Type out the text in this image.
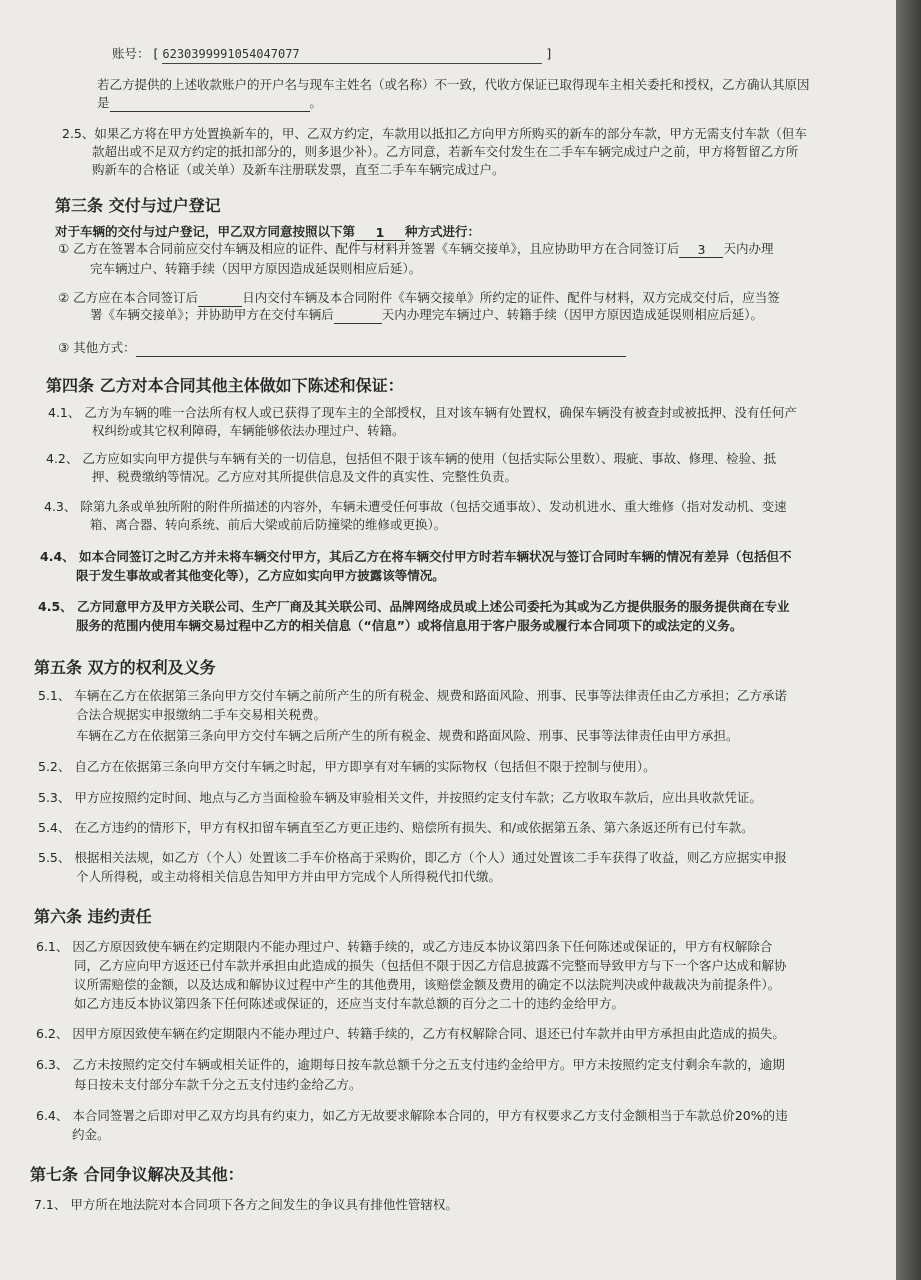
账号： [ 6230399991054047077	]
若乙方提供的上述收款账户的开户名与现车主姓名（或名称）不一致，代收方保证已取得现车主相关委托和授权，乙方确认其原因
是	。
2.5、如果乙方将在甲方处置换新车的，甲、乙双方约定，车款用以抵扣乙方向甲方所购买的新车的部分车款，甲方无需支付车款（但车
款超出或不足双方约定的抵扣部分的，则多退少补）。乙方同意，若新车交付发生在二手车车辆完成过户之前，甲方将暂留乙方所
购新车的合格证（或关单）及新车注册联发票，直至二手车车辆完成过户。
第三条 交付与过户登记
对于车辆的交付与过户登记，甲乙双方同意按照以下第 1 种方式进行：
① 乙方在签署本合同前应交付车辆及相应的证件、配件与材料并签署《车辆交接单》，且应协助甲方在合同签订后 3 天内办理
完车辆过户、转籍手续（因甲方原因造成延误则相应后延）。
② 乙方应在本合同签订后	日内交付车辆及本合同附件《车辆交接单》所约定的证件、配件与材料，双方完成交付后，应当签
署《车辆交接单》；并协助甲方在交付车辆后	天内办理完车辆过户、转籍手续（因甲方原因造成延误则相应后延）。
③ 其他方式：
第四条 乙方对本合同其他主体做如下陈述和保证：
4.1、 乙方为车辆的唯一合法所有权人或已获得了现车主的全部授权，且对该车辆有处置权，确保车辆没有被查封或被抵押、没有任何产
权纠纷或其它权利障碍，车辆能够依法办理过户、转籍。
4.2、 乙方应如实向甲方提供与车辆有关的一切信息，包括但不限于该车辆的使用（包括实际公里数）、瑕疵、事故、修理、检验、抵
押、税费缴纳等情况。乙方应对其所提供信息及文件的真实性、完整性负责。
4.3、 除第九条或单独所附的附件所描述的内容外，车辆未遭受任何事故（包括交通事故）、发动机进水、重大维修（指对发动机、变速
箱、离合器、转向系统、前后大梁或前后防撞梁的维修或更换）。
4.4、 如本合同签订之时乙方并未将车辆交付甲方，其后乙方在将车辆交付甲方时若车辆状况与签订合同时车辆的情况有差异（包括但不
限于发生事故或者其他变化等），乙方应如实向甲方披露该等情况。
4.5、 乙方同意甲方及甲方关联公司、生产厂商及其关联公司、品牌网络成员或上述公司委托为其或为乙方提供服务的服务提供商在专业
服务的范围内使用车辆交易过程中乙方的相关信息（“信息”）或将信息用于客户服务或履行本合同项下的或法定的义务。
第五条 双方的权利及义务
5.1、 车辆在乙方在依据第三条向甲方交付车辆之前所产生的所有税金、规费和路面风险、刑事、民事等法律责任由乙方承担；乙方承诺
合法合规据实申报缴纳二手车交易相关税费。
车辆在乙方在依据第三条向甲方交付车辆之后所产生的所有税金、规费和路面风险、刑事、民事等法律责任由甲方承担。
5.2、 自乙方在依据第三条向甲方交付车辆之时起，甲方即享有对车辆的实际物权（包括但不限于控制与使用）。
5.3、 甲方应按照约定时间、地点与乙方当面检验车辆及审验相关文件，并按照约定支付车款；乙方收取车款后，应出具收款凭证。
5.4、 在乙方违约的情形下，甲方有权扣留车辆直至乙方更正违约、赔偿所有损失、和/或依据第五条、第六条返还所有已付车款。
5.5、 根据相关法规，如乙方（个人）处置该二手车价格高于采购价，即乙方（个人）通过处置该二手车获得了收益，则乙方应据实申报
个人所得税，或主动将相关信息告知甲方并由甲方完成个人所得税代扣代缴。
第六条 违约责任
6.1、 因乙方原因致使车辆在约定期限内不能办理过户、转籍手续的，或乙方违反本协议第四条下任何陈述或保证的，甲方有权解除合
同，乙方应向甲方返还已付车款并承担由此造成的损失（包括但不限于因乙方信息披露不完整而导致甲方与下一个客户达成和解协
议所需赔偿的金额，以及达成和解协议过程中产生的其他费用，该赔偿金额及费用的确定不以法院判决或仲裁裁决为前提条件）。
如乙方违反本协议第四条下任何陈述或保证的，还应当支付车款总额的百分之二十的违约金给甲方。
6.2、 因甲方原因致使车辆在约定期限内不能办理过户、转籍手续的，乙方有权解除合同、退还已付车款并由甲方承担由此造成的损失。
6.3、 乙方未按照约定交付车辆或相关证件的，逾期每日按车款总额千分之五支付违约金给甲方。甲方未按照约定支付剩余车款的，逾期
每日按未支付部分车款千分之五支付违约金给乙方。
6.4、 本合同签署之后即对甲乙双方均具有约束力，如乙方无故要求解除本合同的，甲方有权要求乙方支付金额相当于车款总价20%的违
约金。
第七条 合同争议解决及其他：
7.1、 甲方所在地法院对本合同项下各方之间发生的争议具有排他性管辖权。
